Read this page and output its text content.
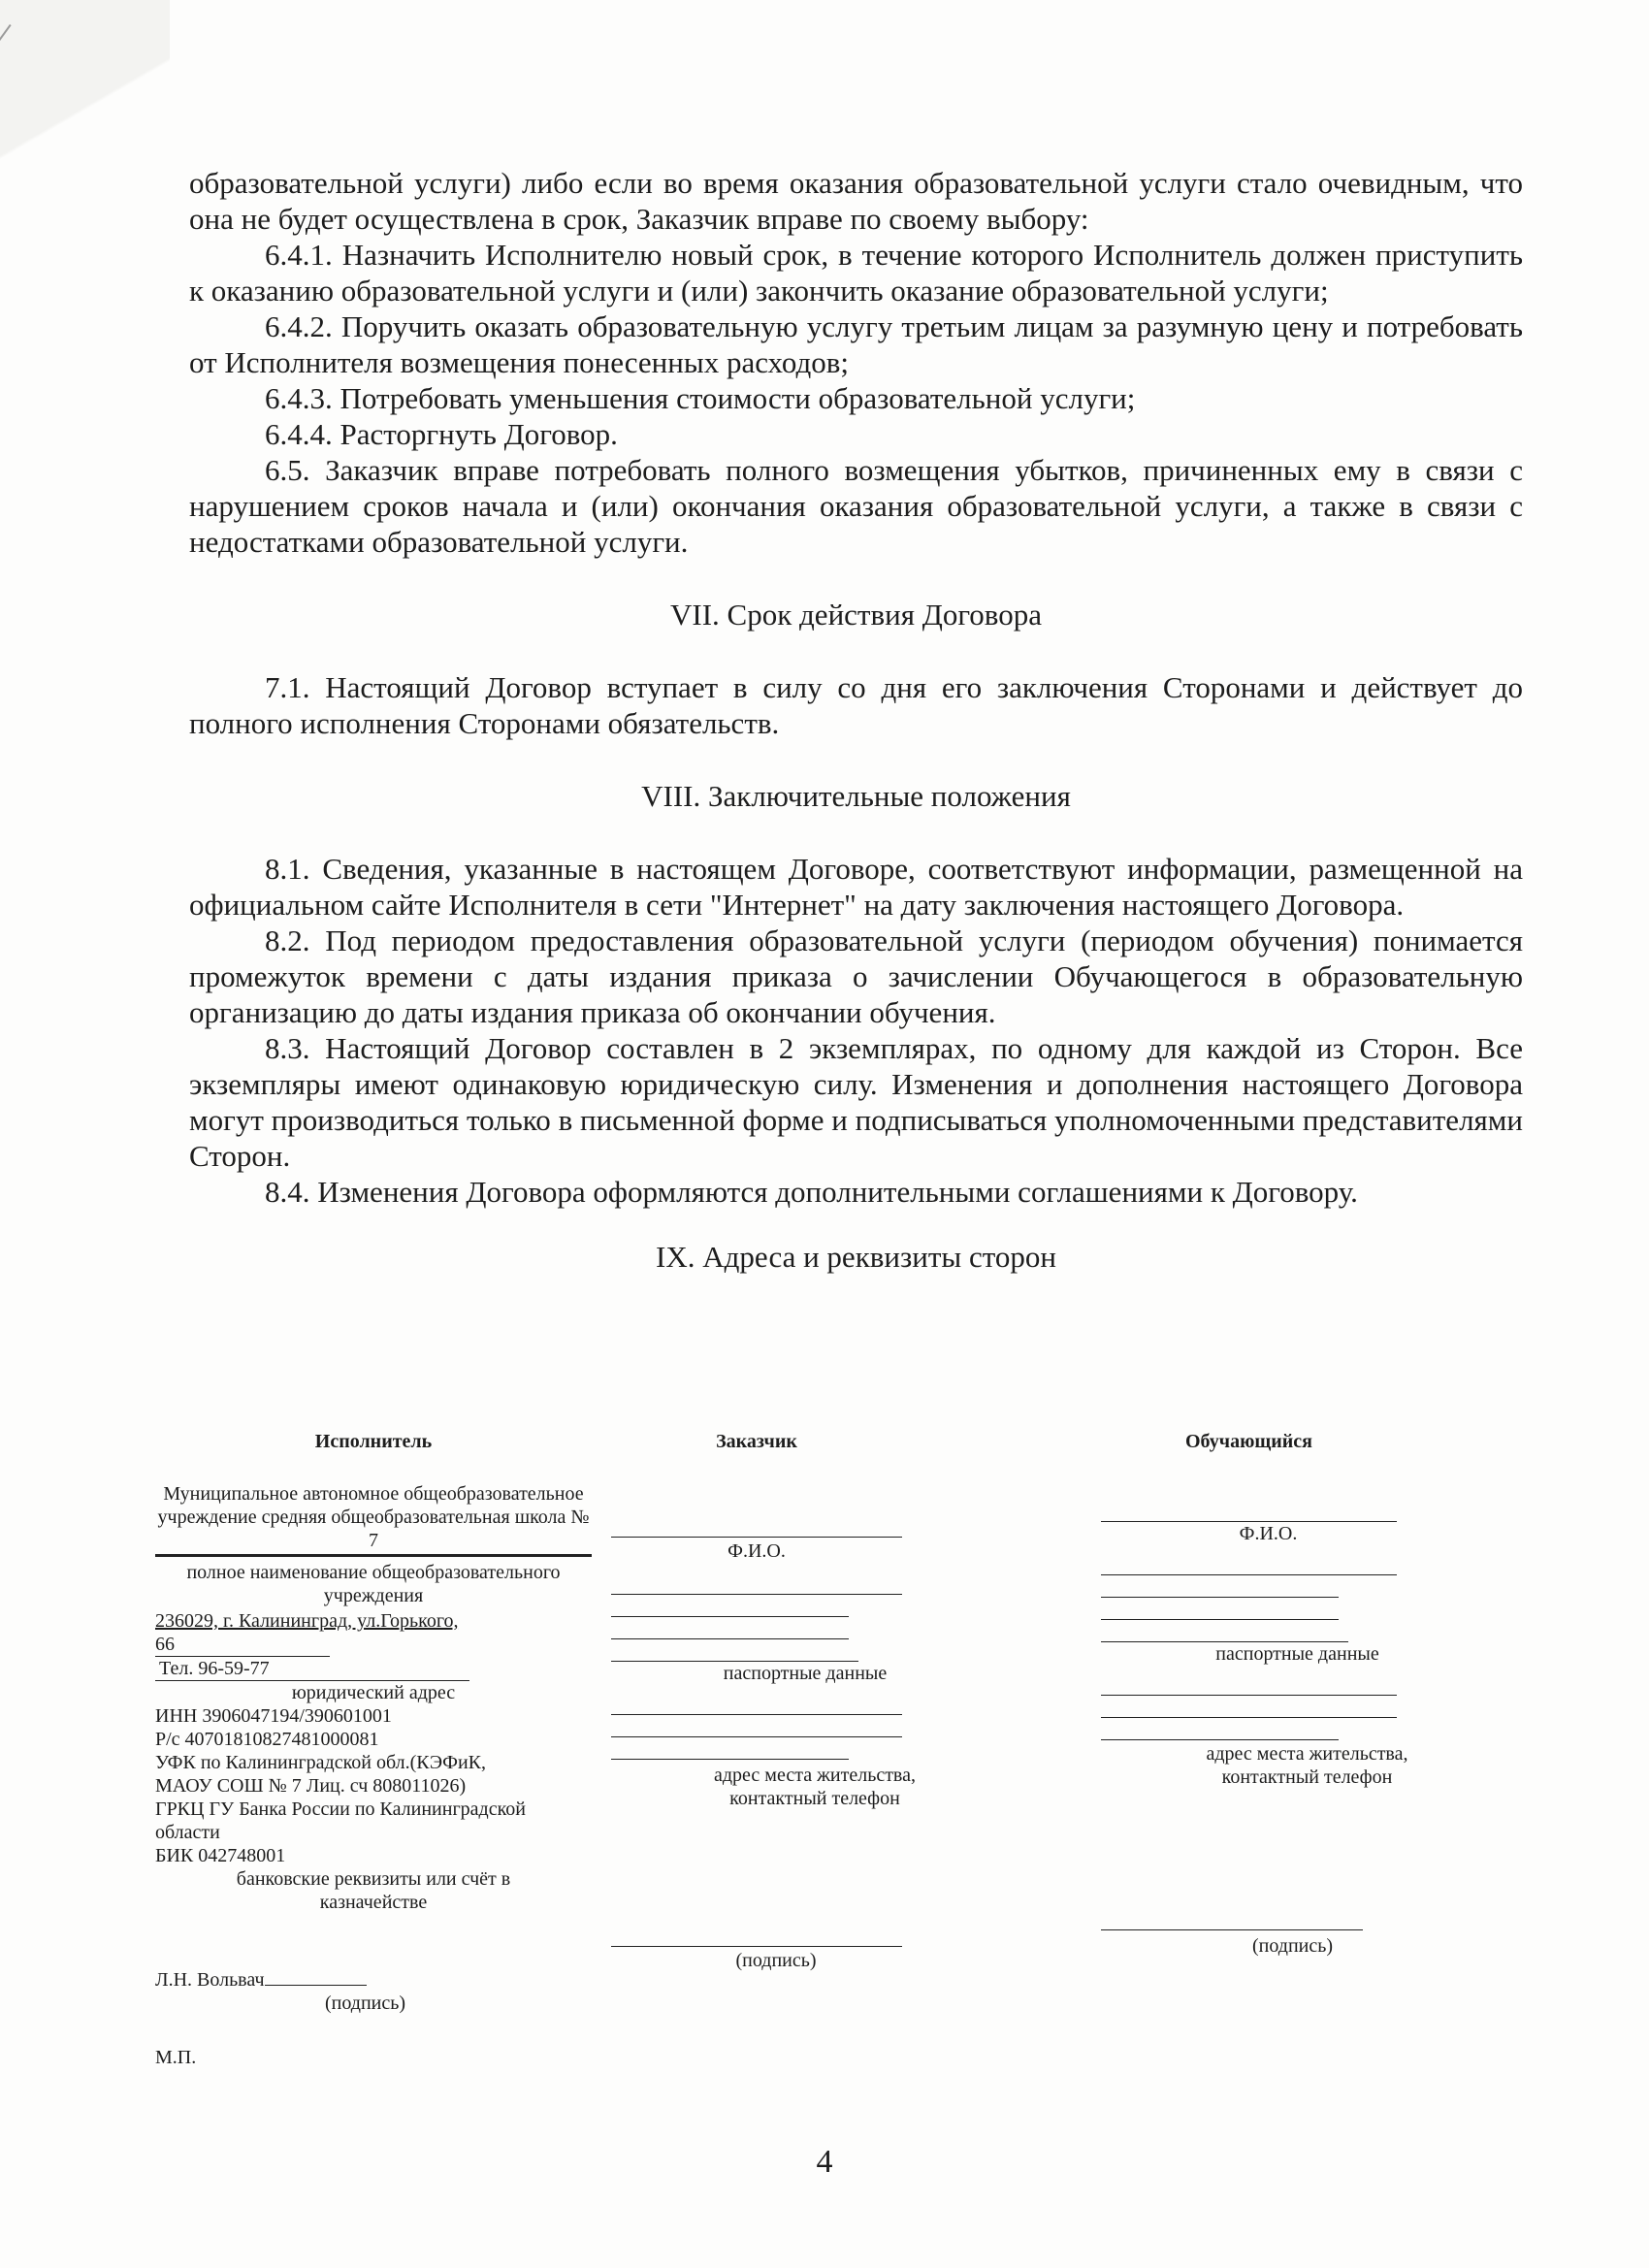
образовательной услуги) либо если во время оказания образовательной услуги стало очевидным, что она не будет осуществлена в срок, Заказчик вправе по своему выбору:

6.4.1. Назначить Исполнителю новый срок, в течение которого Исполнитель должен приступить к оказанию образовательной услуги и (или) закончить оказание образовательной услуги;

6.4.2. Поручить оказать образовательную услугу третьим лицам за разумную цену и потребовать от Исполнителя возмещения понесенных расходов;

6.4.3. Потребовать уменьшения стоимости образовательной услуги;

6.4.4. Расторгнуть Договор.

6.5. Заказчик вправе потребовать полного возмещения убытков, причиненных ему в связи с нарушением сроков начала и (или) окончания оказания образовательной услуги, а также в связи с недостатками образовательной услуги.

VII. Срок действия Договора

7.1. Настоящий Договор вступает в силу со дня его заключения Сторонами и действует до полного исполнения Сторонами обязательств.

VIII. Заключительные положения

8.1. Сведения, указанные в настоящем Договоре, соответствуют информации, размещенной на официальном сайте Исполнителя в сети "Интернет" на дату заключения настоящего Договора.

8.2. Под периодом предоставления образовательной услуги (периодом обучения) понимается промежуток времени с даты издания приказа о зачислении Обучающегося в образовательную организацию до даты издания приказа об окончании обучения.

8.3. Настоящий Договор составлен в 2 экземплярах, по одному для каждой из Сторон. Все экземпляры имеют одинаковую юридическую силу. Изменения и дополнения настоящего Договора могут производиться только в письменной форме и подписываться уполномоченными представителями Сторон.

8.4. Изменения Договора оформляются дополнительными соглашениями к Договору.

IX. Адреса и реквизиты сторон
Исполнитель
Муниципальное автономное общеобразовательное учреждение средняя общеобразовательная школа № 7
полное наименование общеобразовательного учреждения
236029, г. Калининград, ул.Горького,
66
Тел. 96-59-77
юридический адрес
ИНН 3906047194/390601001
Р/с 40701810827481000081
УФК по Калининградской обл.(КЭФиК,
МАОУ СОШ № 7 Лиц. сч 808011026)
ГРКЦ ГУ Банка России по Калининградской области
БИК 042748001
банковские реквизиты или счёт в казначействе
Л.Н. Вольвач
(подпись)
М.П.
Заказчик
Ф.И.О.
паспортные данные
адрес места жительства, контактный телефон
(подпись)
Обучающийся
Ф.И.О.
паспортные данные
адрес места жительства, контактный телефон
(подпись)
4
